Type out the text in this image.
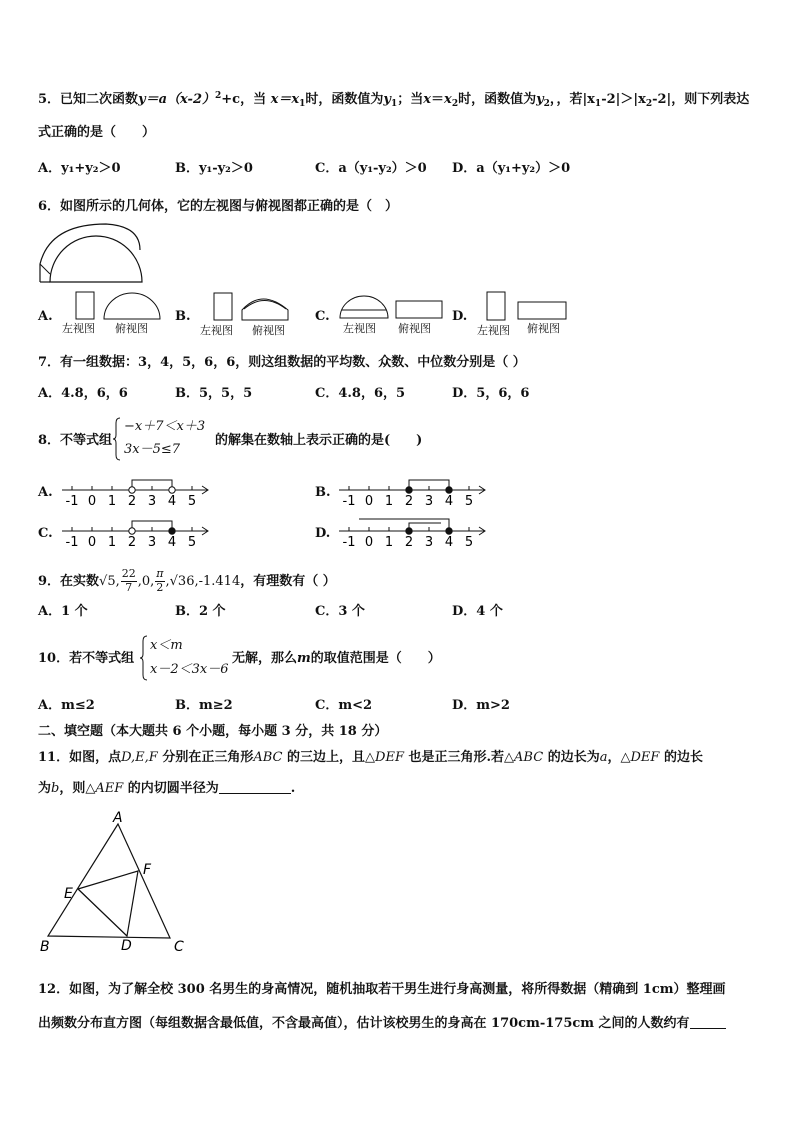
5．已知二次函数$y=a(x-2)^2+c$，当 $x=x_1$时，函数值为$y_1$；当$x=x_2$时，函数值为$y_2$，，若$|x_1-2|>|x_2-2|$，则下列表达
式正确的是（　　）
A．y₁+y₂＞0	B．y₁-y₂＞0	C．a（y₁-y₂）＞0 D．a（y₁+y₂）＞0
6．如图所示的几何体，它的左视图与俯视图都正确的是（　）
A.
左视图 俯视图
B.
左视图 俯视图
C.
左视图 俯视图
D.
左视图 俯视图
7．有一组数据：3，4，5，6，6，则这组数据的平均数、众数、中位数分别是（ ）
A．4.8，6，6	B．5，5，5	C．4.8，6，5	D．5，6，6
8．不等式组
−x＋7＜x＋3
3x－5≤7
的解集在数轴上表示正确的是(　　)
A.	B.
C.	D.
-1 0 1 2 3 4 5	-1 0 1 2 3 4 5
-1 0 1 2 3 4 5	-1 0 1 2 3 4 5
9．在实数 √5, $\frac{22}{7} ,0$, $\frac{\pi}{2} ,√36,-1.414$ ，有理数有（ ）
A．1 个	B．2 个	C．3 个	D．4 个
10．若不等式组
x＜m
x－2＜3x－6
无解，那么m的取值范围是（　　）
A．m≤2	B．m≥2	C．m<2	D．m>2
二、填空题（本大题共 6 个小题，每小题 3 分，共 18 分）
11．如图，点D,E,F 分别在正三角形ABC 的三边上，且△DEF 也是正三角形.若△ABC 的边长为a，△DEF 的边长
为b，则△AEF 的内切圆半径为	.
A
B	C
D
E
F
12．如图，为了解全校 300 名男生的身高情况，随机抽取若干男生进行身高测量，将所得数据（精确到 1cm）整理画
出频数分布直方图（每组数据含最低值，不含最高值），估计该校男生的身高在 170cm-175cm 之间的人数约有
